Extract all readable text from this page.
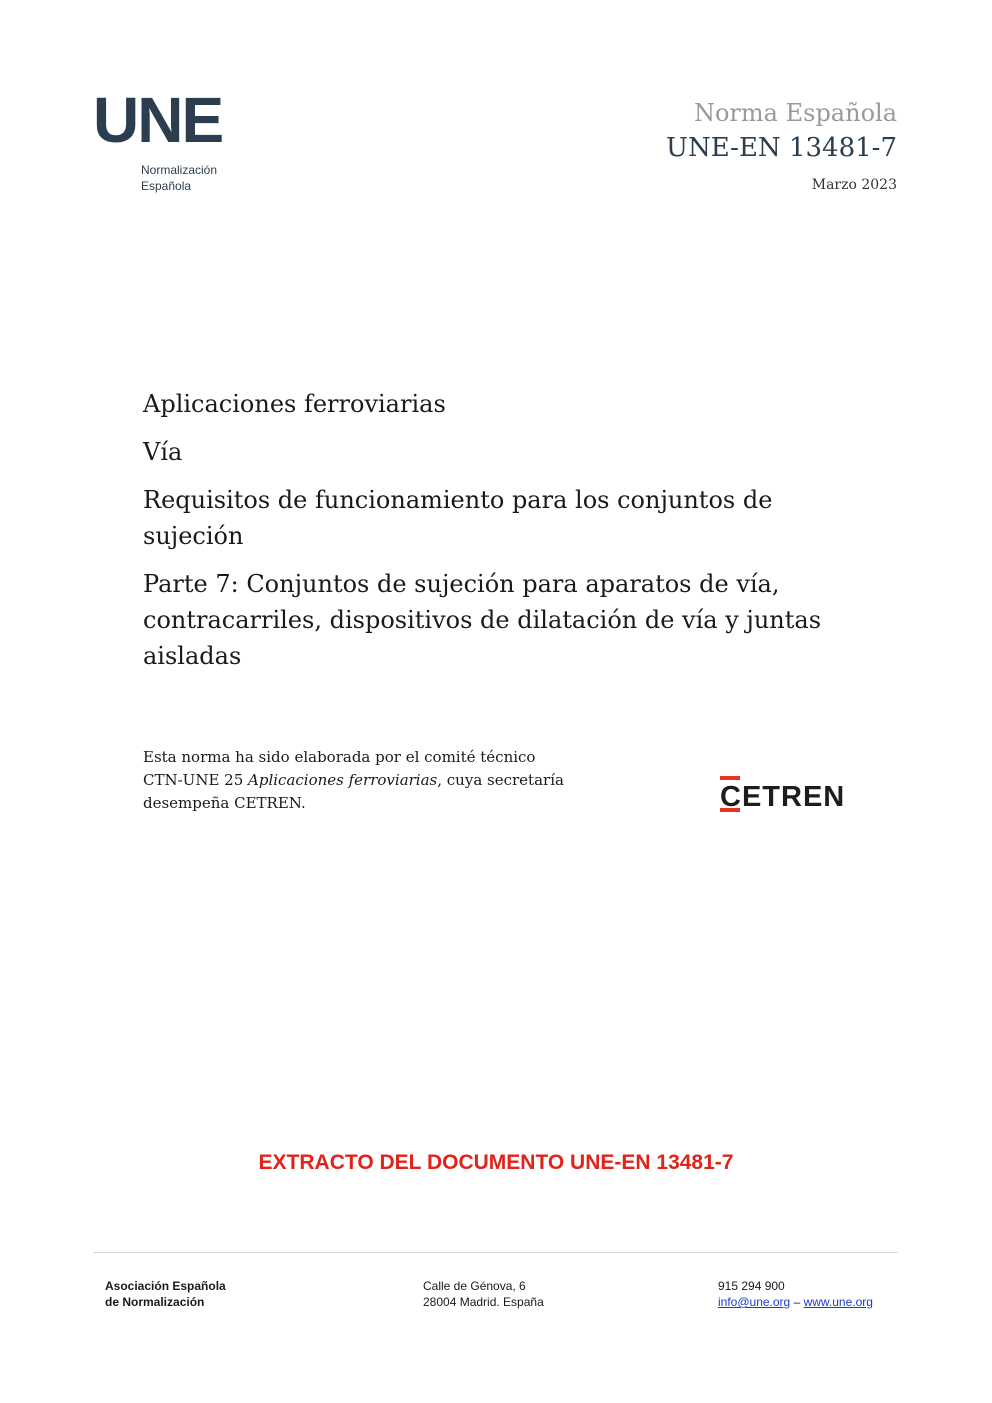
UNE
Normalización
Española
Norma Española
UNE-EN 13481-7
Marzo 2023

Aplicaciones ferroviarias

Vía

Requisitos de funcionamiento para los conjuntos de sujeción

Parte 7: Conjuntos de sujeción para aparatos de vía, contracarriles, dispositivos de dilatación de vía y juntas aisladas

Esta norma ha sido elaborada por el comité técnico
CTN-UNE 25 Aplicaciones ferroviarias, cuya secretaría
desempeña CETREN.	CETREN
EXTRACTO DEL DOCUMENTO UNE-EN 13481-7
Asociación Española
de Normalización
Calle de Génova, 6
28004 Madrid. España
915 294 900
info@une.org – www.une.org
